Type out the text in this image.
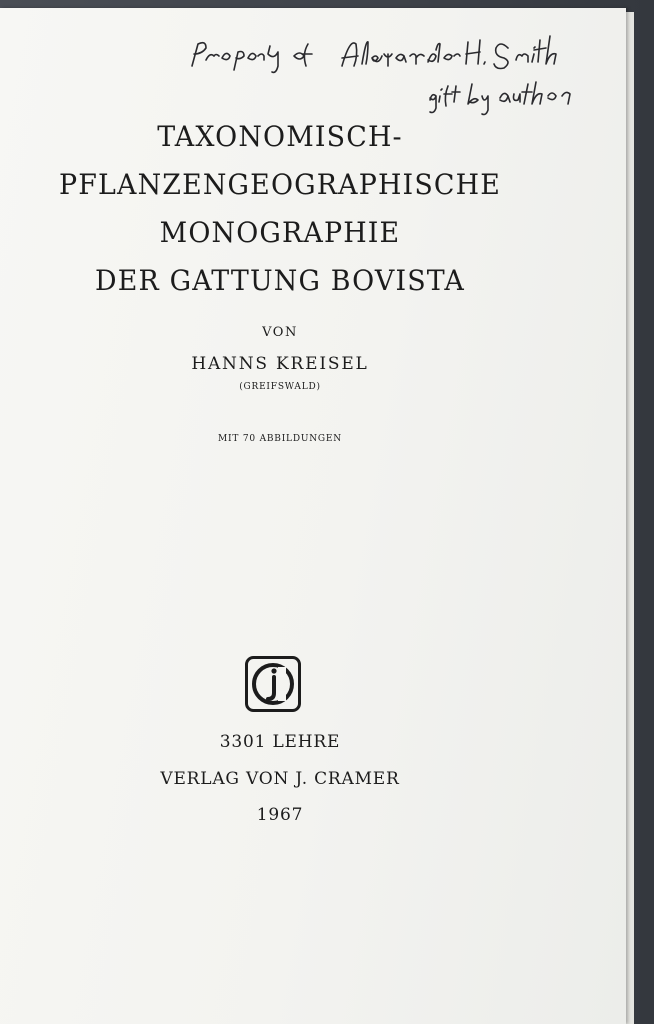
TAXONOMISCH-
PFLANZENGEOGRAPHISCHE
MONOGRAPHIE
DER GATTUNG BOVISTA

VON

HANNS KREISEL

(GREIFSWALD)

MIT 70 ABBILDUNGEN

3301 LEHRE

VERLAG VON J. CRAMER

1967
